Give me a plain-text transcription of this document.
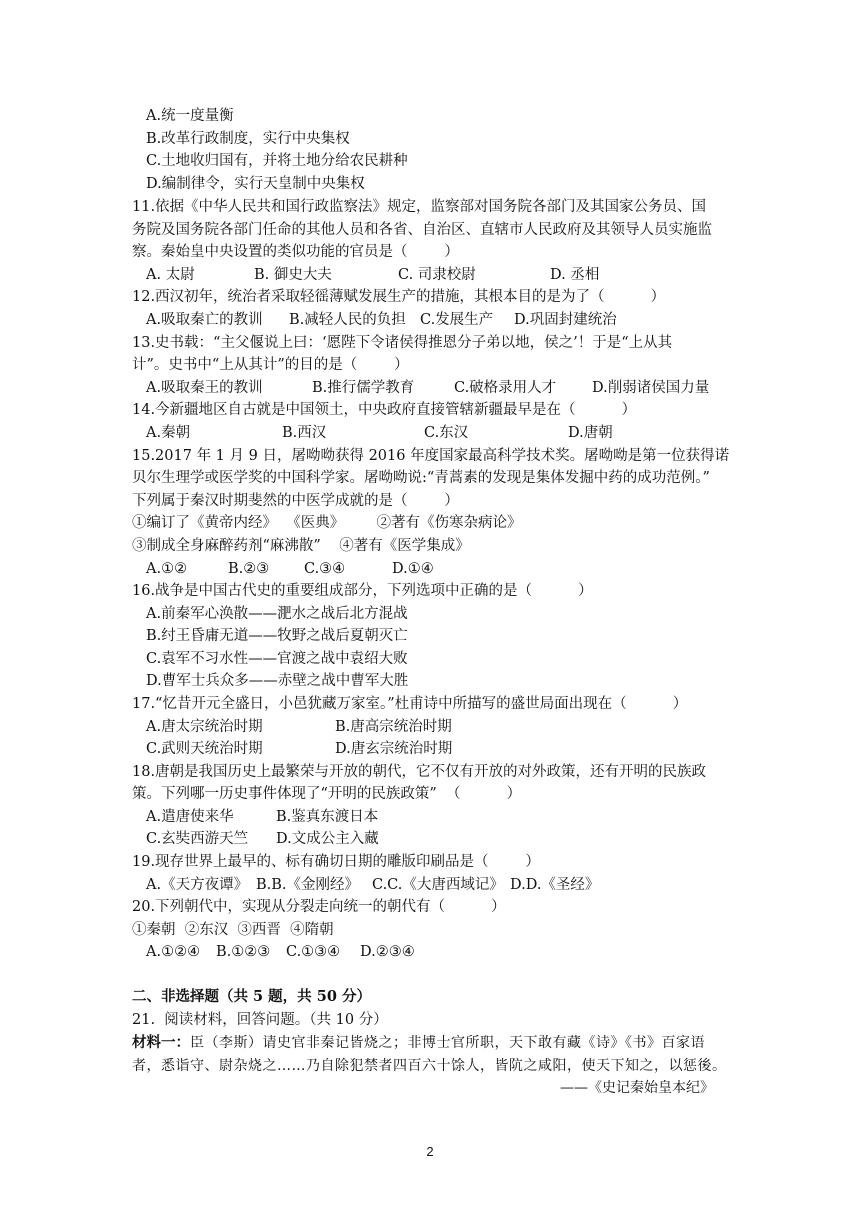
A.统一度量衡
B.改革行政制度，实行中央集权
C.土地收归国有，并将土地分给农民耕种
D.编制律令，实行天皇制中央集权
11.依据《中华人民共和国行政监察法》规定，监察部对国务院各部门及其国家公务员、国
务院及国务院各部门任命的其他人员和各省、自治区、直辖市人民政府及其领导人员实施监
察。秦始皇中央设置的类似功能的官员是（        ）

A. 太尉

	B. 御史大夫

	C. 司隶校尉

	D. 丞相

12.西汉初年，统治者采取轻徭薄赋发展生产的措施，其根本目的是为了（          ）

A.吸取秦亡的教训

B.减轻人民的负担

C.发展生产

D.巩固封建统治

13.史书载：“主父偃说上曰：‘愿陛下令诸侯得推恩分子弟以地，侯之’！于是“上从其
计”。史书中“上从其计”的目的是（        ）

A.吸取秦王的教训

	B.推行儒学教育

	C.破格录用人才

D.削弱诸侯国力量

14.今新疆地区自古就是中国领土，中央政府直接管辖新疆最早是在（          ）

A.秦朝

	B.西汉

	C.东汉

	D.唐朝

15.2017 年 1 月 9 日，屠呦呦获得 2016 年度国家最高科学技术奖。屠呦呦是第一位获得诺
贝尔生理学或医学奖的中国科学家。屠呦呦说:“青蒿素的发现是集体发掘中药的成功范例。”
下列属于秦汉时期斐然的中医学成就的是（        ）
①编订了《黄帝内经》  《医典》       ②著有《伤寒杂病论》
③制成全身麻醉药剂“麻沸散”    ④著有《医学集成》

A.①②

	B.②③

C.③④

	D.①④

16.战争是中国古代史的重要组成部分，下列选项中正确的是（          ）
A.前秦军心涣散——淝水之战后北方混战
B.纣王昏庸无道——牧野之战后夏朝灭亡
C.袁军不习水性——官渡之战中袁绍大败
D.曹军士兵众多——赤壁之战中曹军大胜
17.“忆昔开元全盛日，小邑犹藏万家室。”杜甫诗中所描写的盛世局面出现在（          ）

A.唐太宗统治时期

	B.唐高宗统治时期

C.武则天统治时期

	D.唐玄宗统治时期

18.唐朝是我国历史上最繁荣与开放的朝代，它不仅有开放的对外政策，还有开明的民族政
策。下列哪一历史事件体现了“开明的民族政策”  （          ）

A.遣唐使来华

	B.鉴真东渡日本

C.玄奘西游天竺

D.文成公主入藏

19.现存世界上最早的、标有确切日期的雕版印刷品是（        ）

A.《天方夜谭》

B.B.《金刚经》

C.C.《大唐西域记》

D.D.《圣经》

20.下列朝代中，实现从分裂走向统一的朝代有（          ）
①秦朝  ②东汉  ③西晋  ④隋朝

A.①②④

B.①②③

C.①③④

D.②③④

二、非选择题（共 5 题，共 50 分）
21.  阅读材料，回答问题。（共 10 分）
材料一：臣（李斯）请史官非秦记皆烧之；非博士官所职，天下敢有藏《诗》《书》百家语
者，悉诣守、尉杂烧之……乃自除犯禁者四百六十馀人，皆阬之咸阳，使天下知之，以惩後。
——《史记秦始皇本纪》
2
